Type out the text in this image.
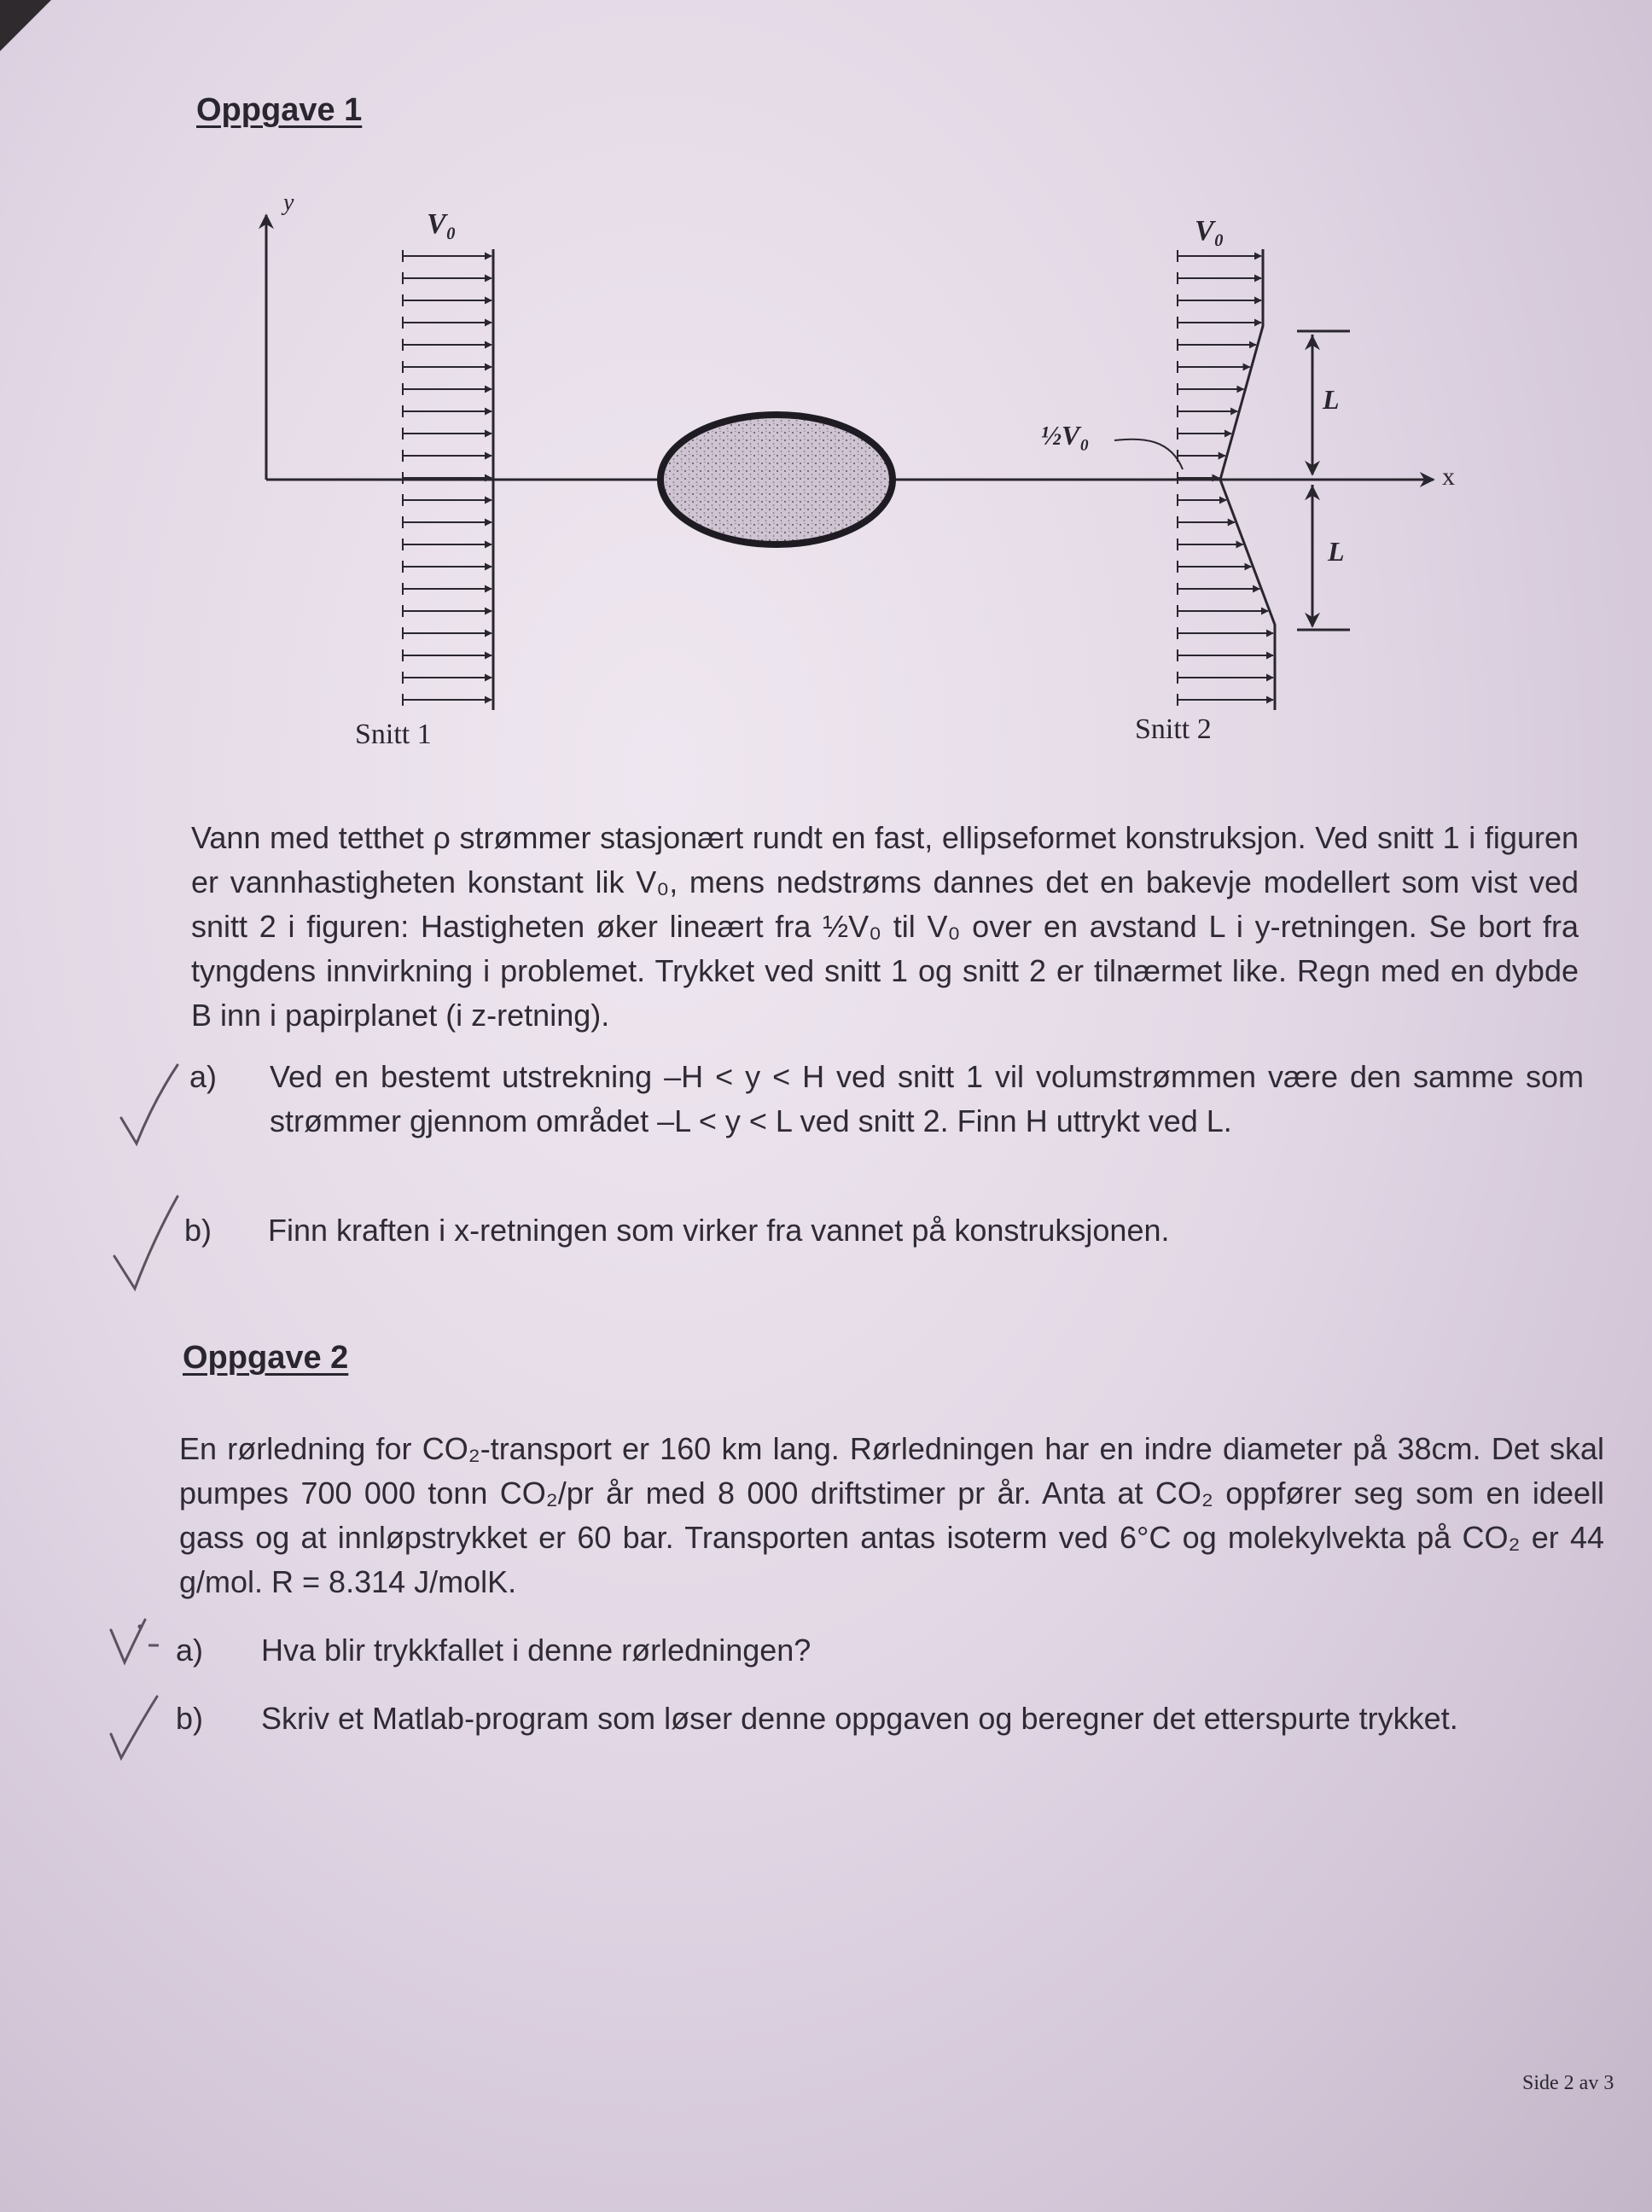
Oppgave 1
y
x
V₀	V₀
½V₀
L
L
Snitt 1	Snitt 2

Vann med tetthet ρ strømmer stasjonært rundt en fast, ellipseformet konstruksjon. Ved snitt 1 i figuren er vannhastigheten konstant lik V₀, mens nedstrøms dannes det en bakevje modellert som vist ved snitt 2 i figuren: Hastigheten øker lineært fra ½V₀ til V₀ over en avstand L i y-retningen. Se bort fra tyngdens innvirkning i problemet. Trykket ved snitt 1 og snitt 2 er tilnærmet like. Regn med en dybde B inn i papirplanet (i z-retning).

a) Ved en bestemt utstrekning –H < y < H ved snitt 1 vil volumstrømmen være den samme som strømmer gjennom området –L < y < L ved snitt 2. Finn H uttrykt ved L.
b) Finn kraften i x-retningen som virker fra vannet på konstruksjonen.
Oppgave 2

En rørledning for CO₂-transport er 160 km lang. Rørledningen har en indre diameter på 38cm. Det skal pumpes 700 000 tonn CO₂/pr år med 8 000 driftstimer pr år. Anta at CO₂ oppfører seg som en ideell gass og at innløpstrykket er 60 bar. Transporten antas isoterm ved 6°C og molekylvekta på CO₂ er 44 g/mol. R = 8.314 J/molK.

a) Hva blir trykkfallet i denne rørledningen?
b) Skriv et Matlab-program som løser denne oppgaven og beregner det etterspurte trykket.
Side 2 av 3
